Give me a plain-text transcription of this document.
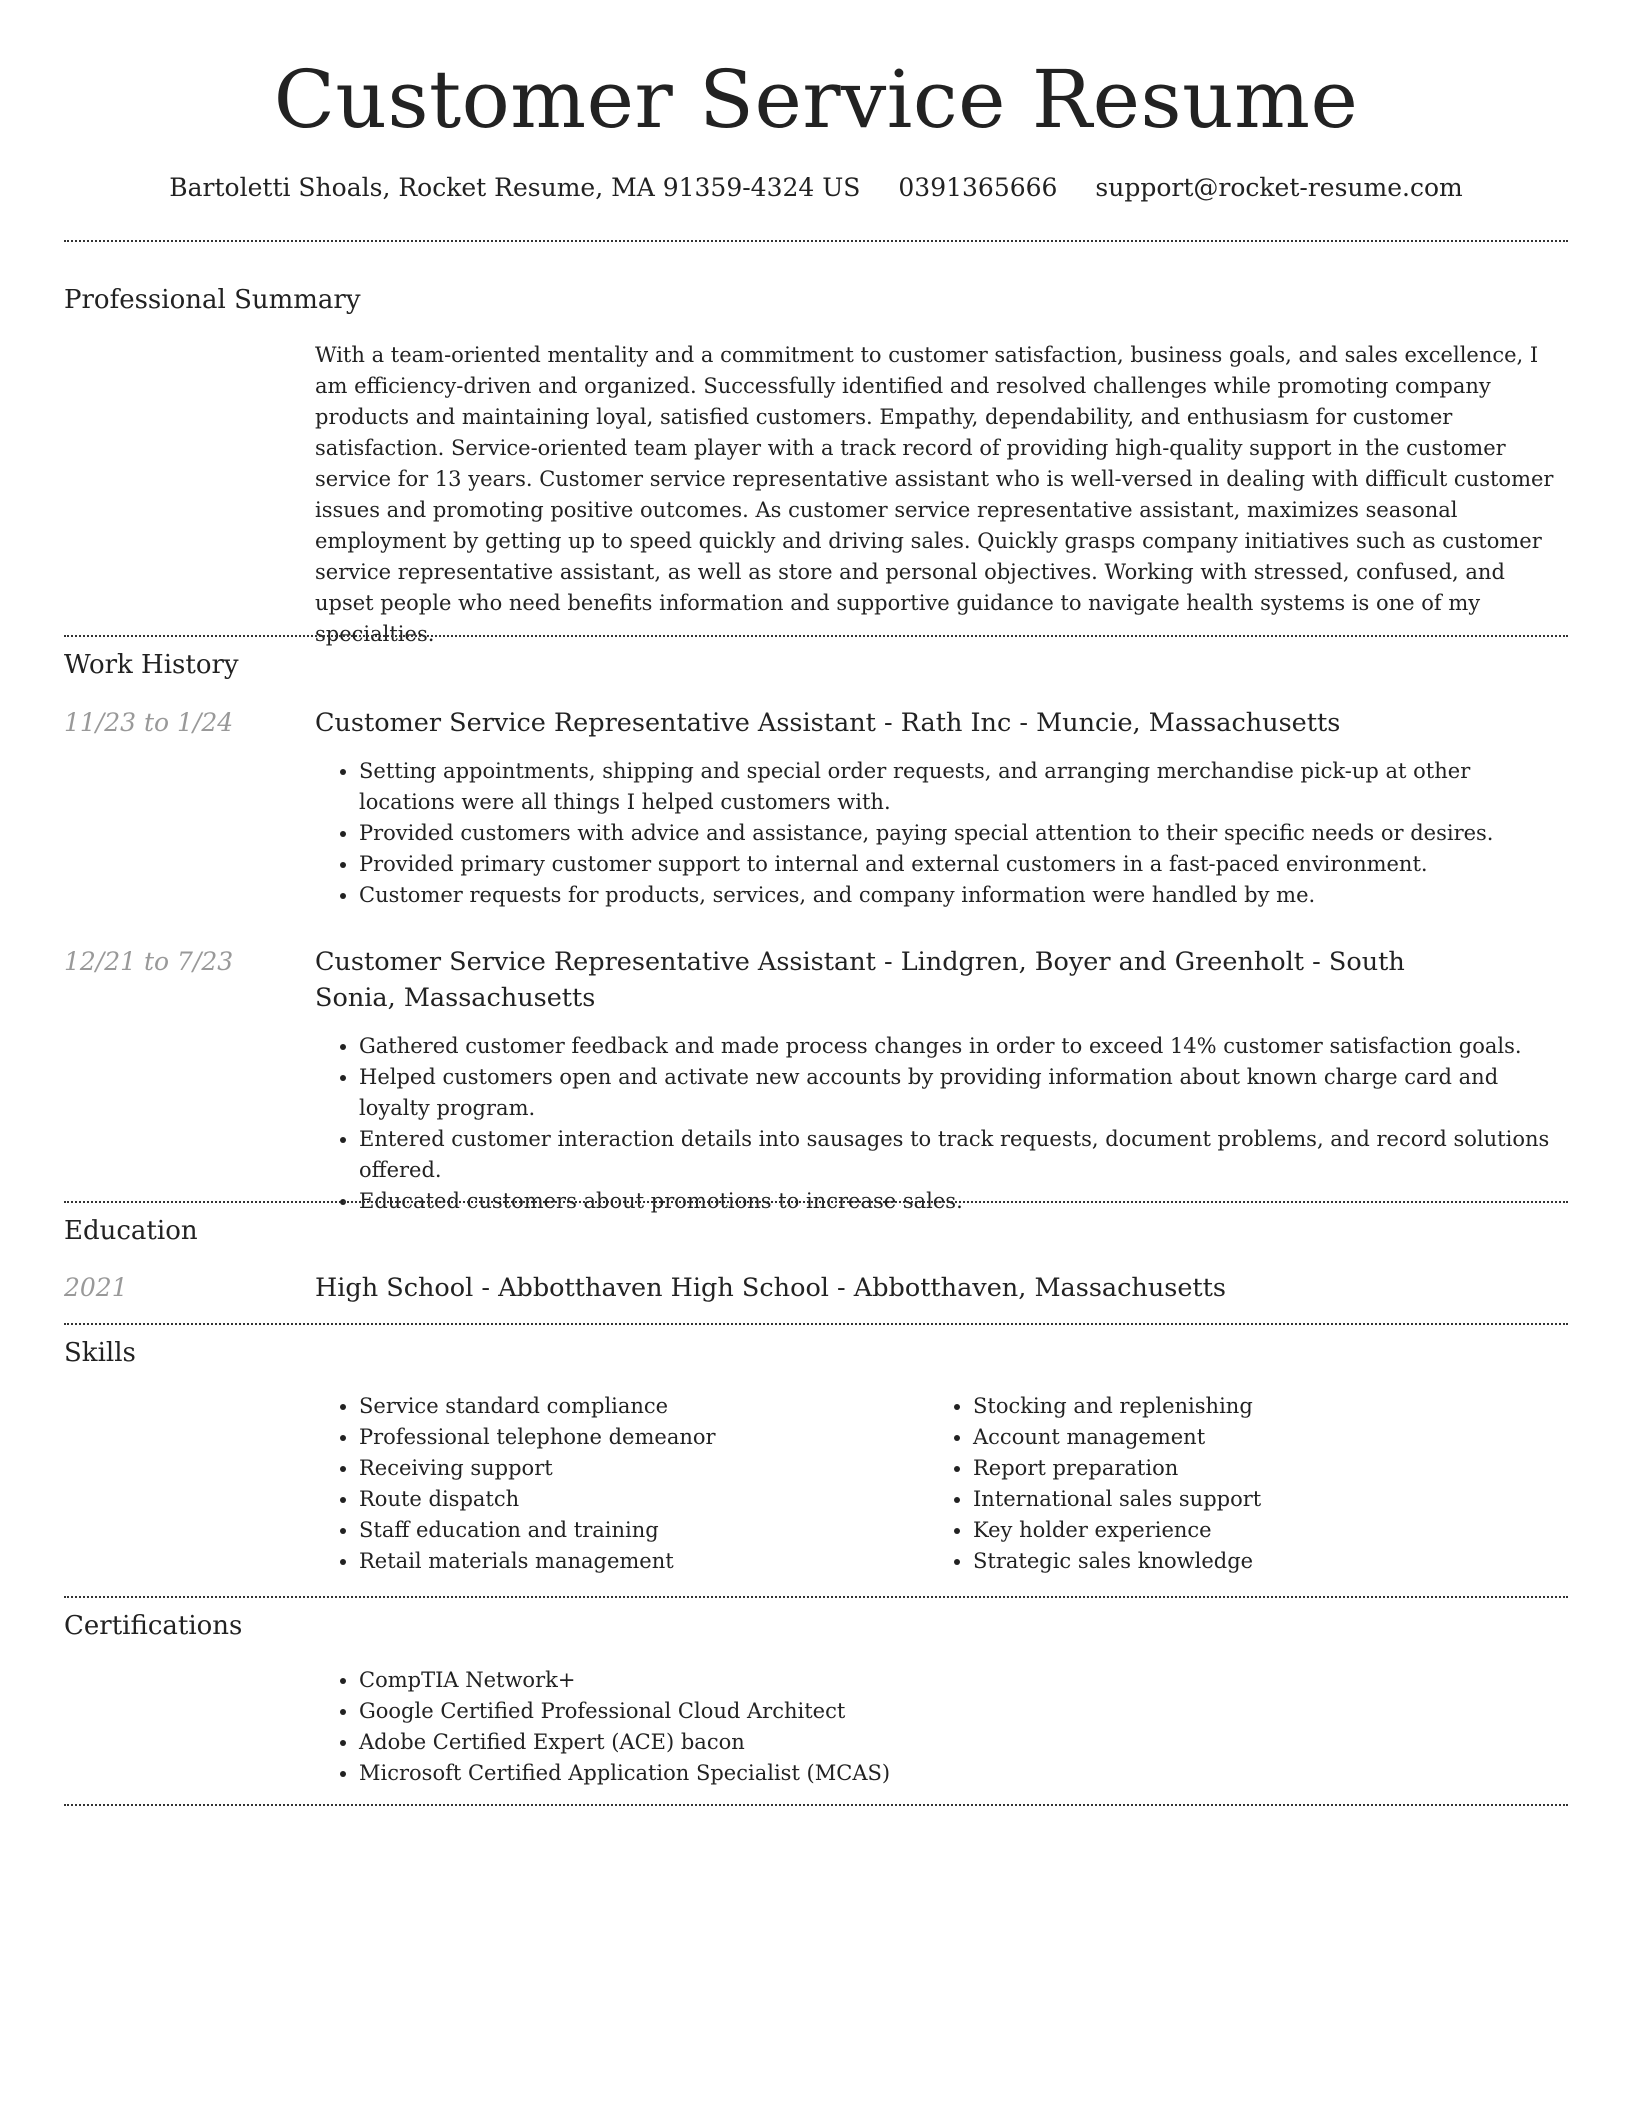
Customer Service Resume
Bartoletti Shoals, Rocket Resume, MA 91359-4324 US 0391365666 support@rocket-resume.com
Professional Summary
With a team-oriented mentality and a commitment to customer satisfaction, business goals, and sales excellence, I am efficiency-driven and organized. Successfully identified and resolved challenges while promoting company products and maintaining loyal, satisfied customers. Empathy, dependability, and enthusiasm for customer satisfaction. Service-oriented team player with a track record of providing high-quality support in the customer service for 13 years. Customer service representative assistant who is well-versed in dealing with difficult customer issues and promoting positive outcomes. As customer service representative assistant, maximizes seasonal employment by getting up to speed quickly and driving sales. Quickly grasps company initiatives such as customer service representative assistant, as well as store and personal objectives. Working with stressed, confused, and upset people who need benefits information and supportive guidance to navigate health systems is one of my specialties.
Work History
11/23 to 1/24	Customer Service Representative Assistant - Rath Inc - Muncie, Massachusetts
• Setting appointments, shipping and special order requests, and arranging merchandise pick-up at other locations were all things I helped customers with.
• Provided customers with advice and assistance, paying special attention to their specific needs or desires.
• Provided primary customer support to internal and external customers in a fast-paced environment.
• Customer requests for products, services, and company information were handled by me.
12/21 to 7/23	Customer Service Representative Assistant - Lindgren, Boyer and Greenholt - South Sonia, Massachusetts
• Gathered customer feedback and made process changes in order to exceed 14% customer satisfaction goals.
• Helped customers open and activate new accounts by providing information about known charge card and loyalty program.
• Entered customer interaction details into sausages to track requests, document problems, and record solutions offered.
• Educated customers about promotions to increase sales.
Education
2021	High School - Abbotthaven High School - Abbotthaven, Massachusetts
Skills
• Service standard compliance
• Professional telephone demeanor
• Receiving support
• Route dispatch
• Staff education and training
• Retail materials management
• Stocking and replenishing
• Account management
• Report preparation
• International sales support
• Key holder experience
• Strategic sales knowledge
Certifications
• CompTIA Network+
• Google Certified Professional Cloud Architect
• Adobe Certified Expert (ACE) bacon
• Microsoft Certified Application Specialist (MCAS)
